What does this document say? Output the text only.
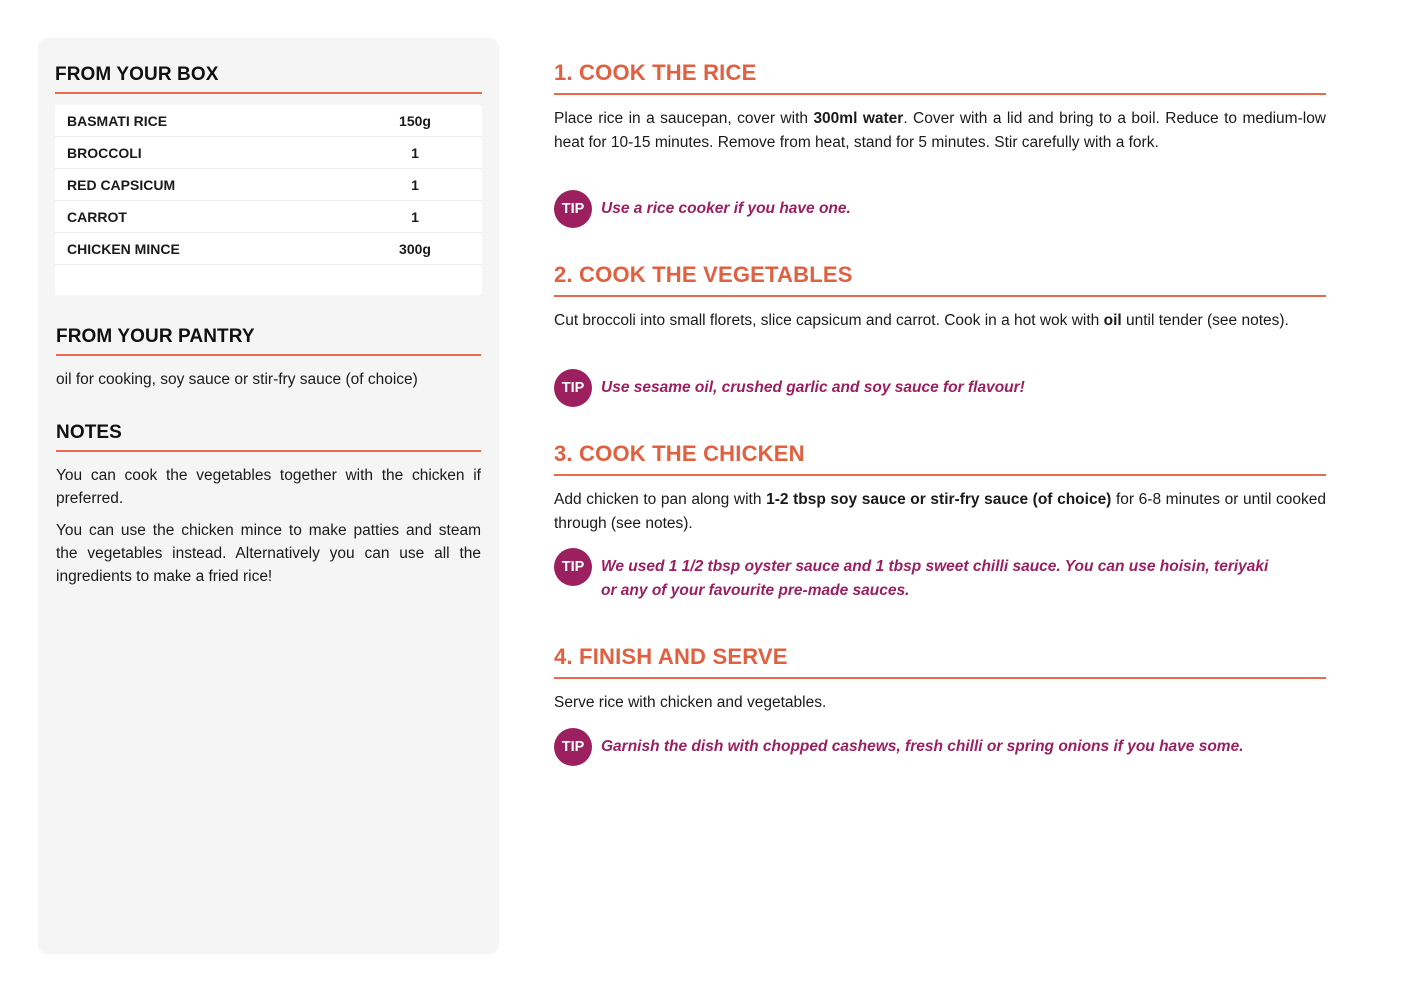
FROM YOUR BOX
BASMATI RICE	150g
BROCCOLI	1
RED CAPSICUM	1
CARROT	1
CHICKEN MINCE	300g
FROM YOUR PANTRY
oil for cooking, soy sauce or stir-fry sauce (of choice)
NOTES

You can cook the vegetables together with the chicken if preferred.

You can use the chicken mince to make patties and steam the vegetables instead. Alternatively you can use all the ingredients to make a fried rice!

1. COOK THE RICE
Place rice in a saucepan, cover with 300ml water. Cover with a lid and bring to a boil. Reduce to medium-low heat for 10-15 minutes. Remove from heat, stand for 5 minutes. Stir carefully with a fork.
TIP	Use a rice cooker if you have one.
2. COOK THE VEGETABLES
Cut broccoli into small florets, slice capsicum and carrot. Cook in a hot wok with oil until tender (see notes).
TIP	Use sesame oil, crushed garlic and soy sauce for flavour!
3. COOK THE CHICKEN
Add chicken to pan along with 1-2 tbsp soy sauce or stir-fry sauce (of choice) for 6-8 minutes or until cooked through (see notes).
TIP	We used 1 1/2 tbsp oyster sauce and 1 tbsp sweet chilli sauce. You can use hoisin, teriyaki or any of your favourite pre-made sauces.
4. FINISH AND SERVE
Serve rice with chicken and vegetables.
TIP	Garnish the dish with chopped cashews, fresh chilli or spring onions if you have some.
